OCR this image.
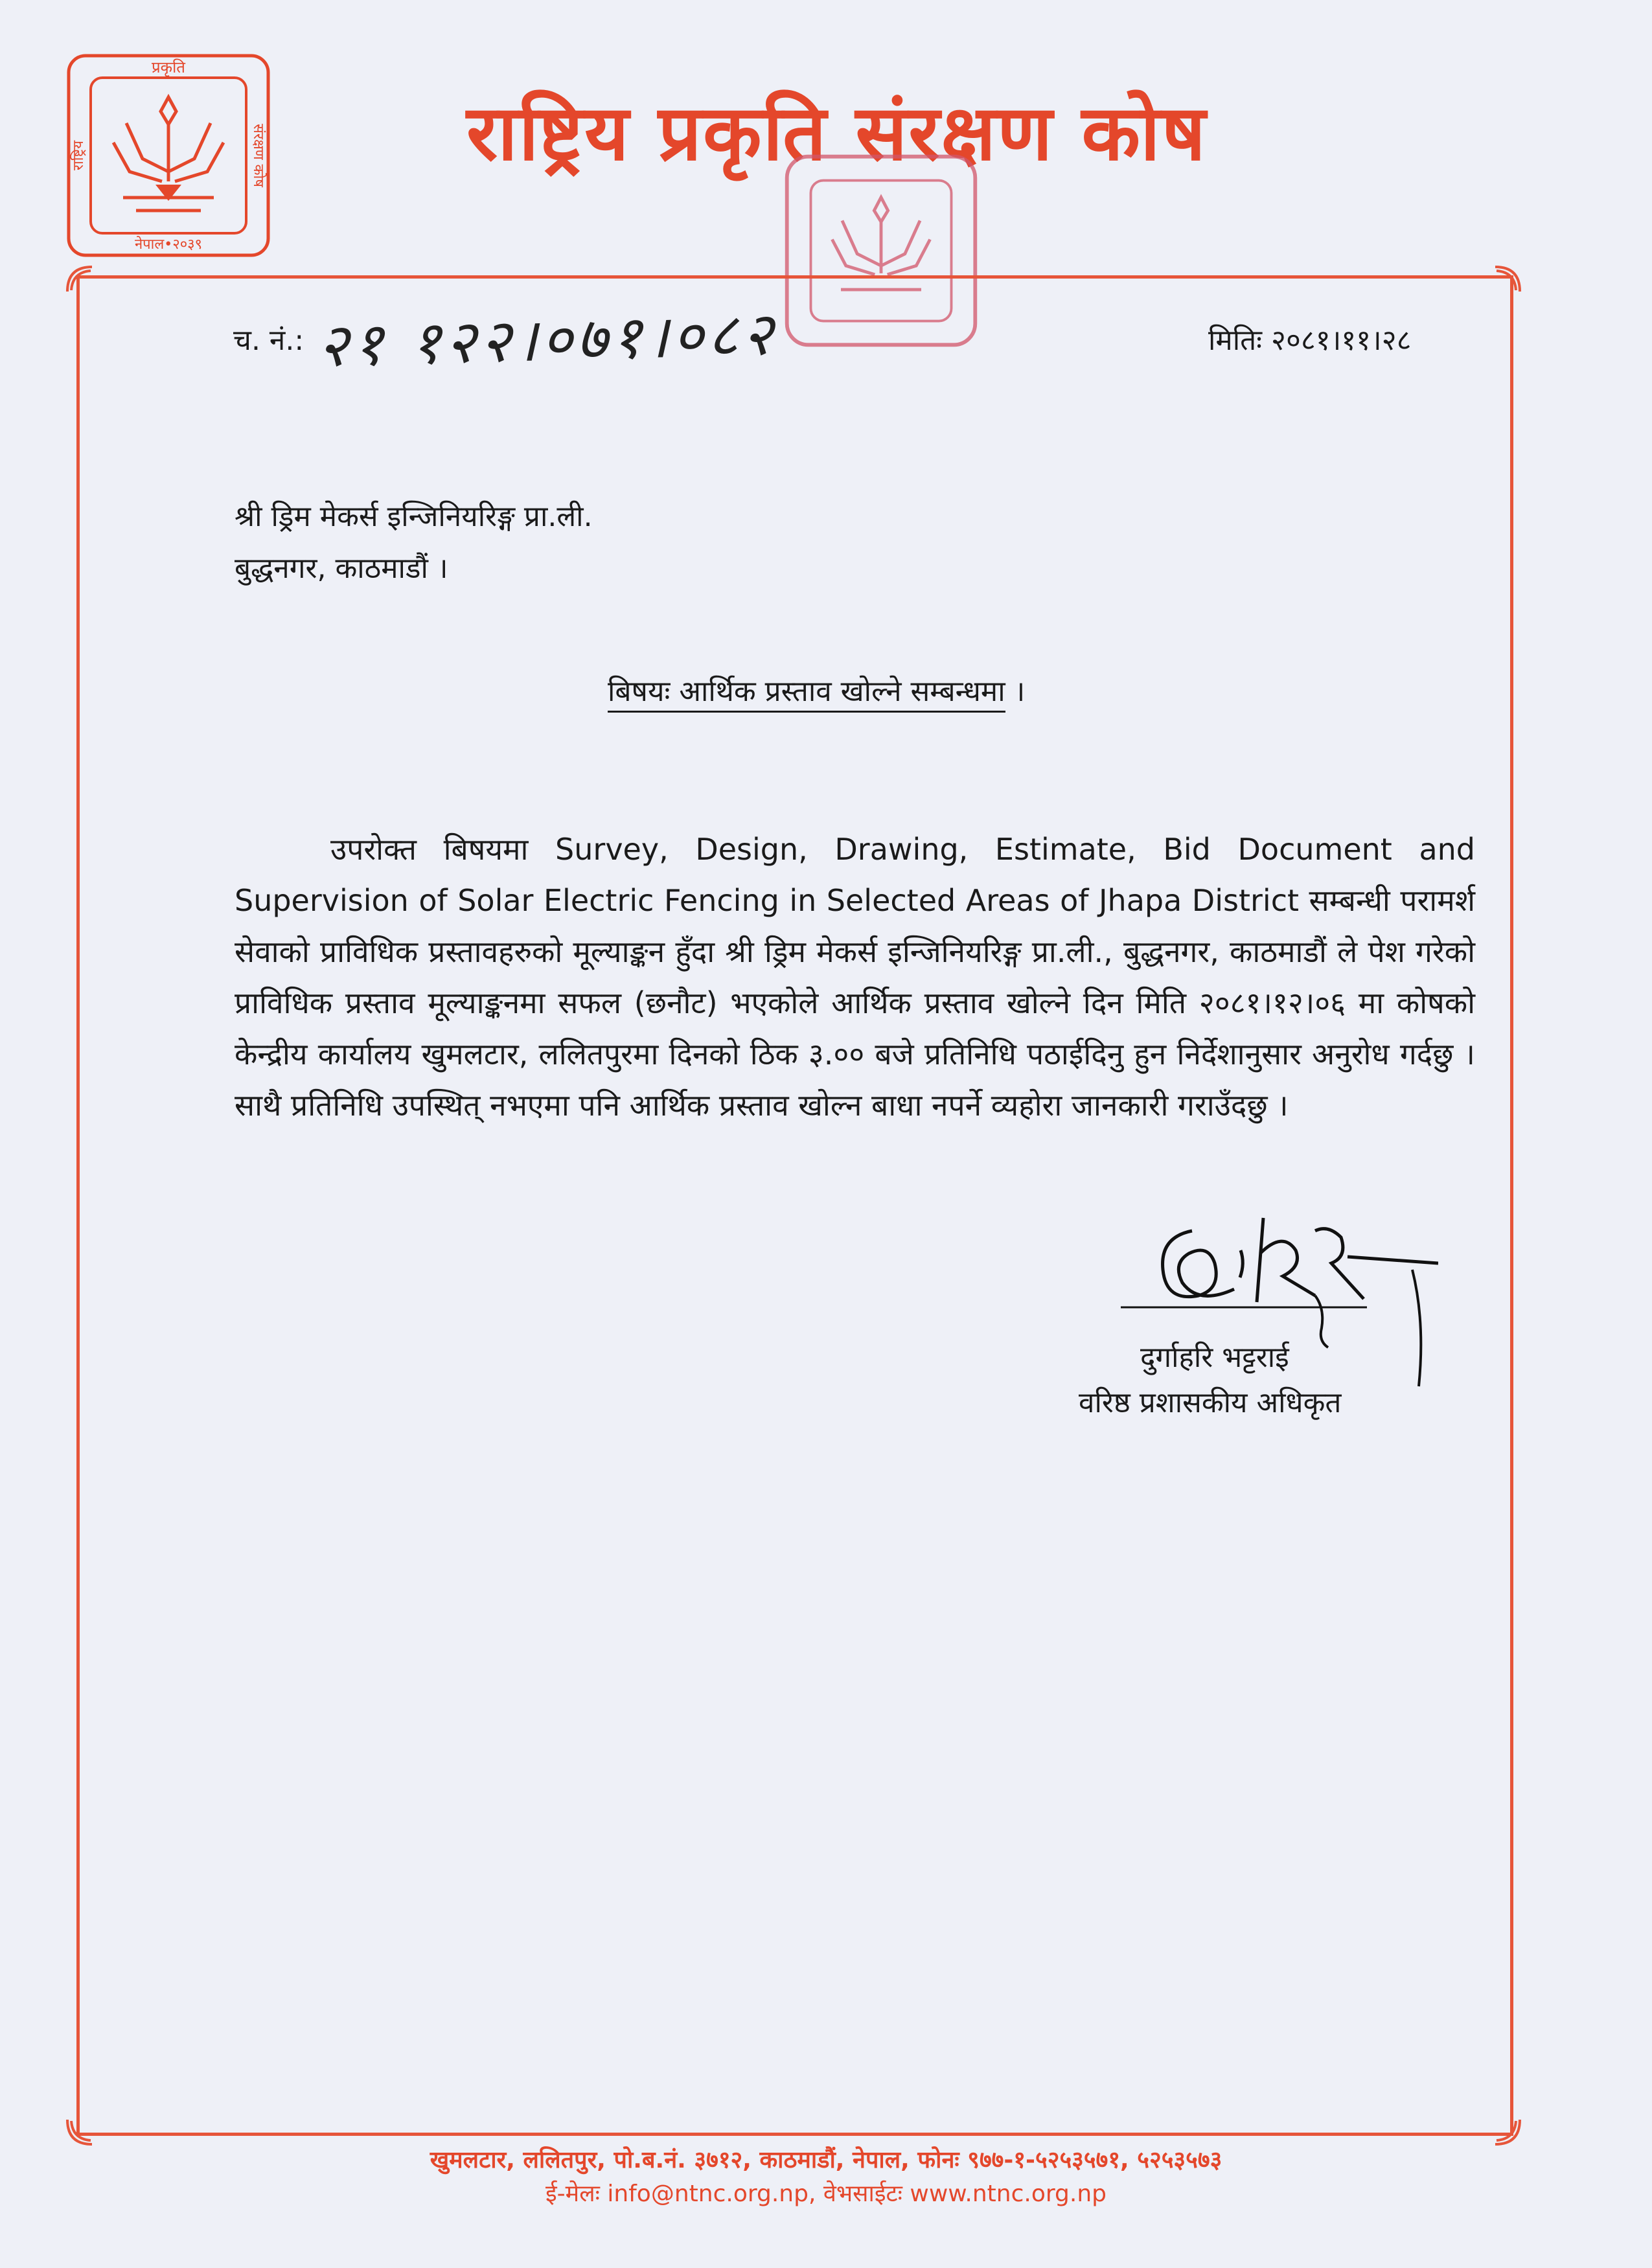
प्रकृति
नेपाल•२०३९
राष्ट्रिय	संरक्षण कोष	राष्ट्रिय प्रकृति संरक्षण कोष
च. नं.: २१ १२२।०७१।०८२	मितिः २०८१।११।२८
श्री ड्रिम मेकर्स इन्जिनियरिङ्ग प्रा.ली.
बुद्धनगर, काठमाडौं ।
बिषयः आर्थिक प्रस्ताव खोल्ने सम्बन्धमा ।
उपरोक्त बिषयमा Survey, Design, Drawing, Estimate, Bid Document and Supervision of Solar Electric Fencing in Selected Areas of Jhapa District सम्बन्धी परामर्श सेवाको प्राविधिक प्रस्तावहरुको मूल्याङ्कन हुँदा श्री ड्रिम मेकर्स इन्जिनियरिङ्ग प्रा.ली., बुद्धनगर, काठमाडौं ले पेश गरेको प्राविधिक प्रस्ताव मूल्याङ्कनमा सफल (छनौट) भएकोले आर्थिक प्रस्ताव खोल्ने दिन मिति २०८१।१२।०६ मा कोषको केन्द्रीय कार्यालय खुमलटार, ललितपुरमा दिनको ठिक ३.०० बजे प्रतिनिधि पठाईदिनु हुन निर्देशानुसार अनुरोध गर्दछु । साथै प्रतिनिधि उपस्थित् नभएमा पनि आर्थिक प्रस्ताव खोल्न बाधा नपर्ने व्यहोरा जानकारी गराउँदछु ।
दुर्गाहरि भट्टराई
वरिष्ठ प्रशासकीय अधिकृत
खुमलटार, ललितपुर, पो.ब.नं. ३७१२, काठमाडौं, नेपाल, फोनः ९७७-१-५२५३५७१, ५२५३५७३
ई-मेलः info@ntnc.org.np, वेभसाईटः www.ntnc.org.np
